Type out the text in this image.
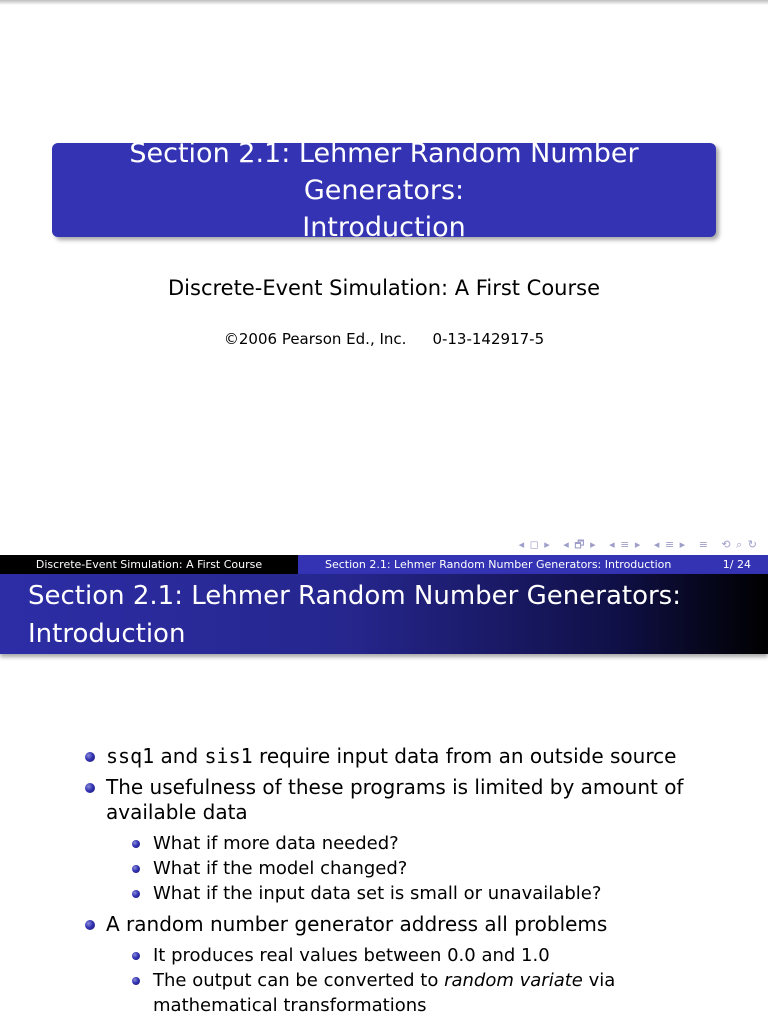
Section 2.1: Lehmer Random Number Generators:
Introduction
Discrete-Event Simulation: A First Course
©2006 Pearson Ed., Inc. 0-13-142917-5
◂ ◻ ▸ ◂ 🗗 ▸ ◂ ≡ ▸ ◂ ≡ ▸ ≡ ⟲ ⌕ ↻
Discrete-Event Simulation: A First Course	Section 2.1: Lehmer Random Number Generators: Introduction	1/ 24
Section 2.1: Lehmer Random Number Generators:
Introduction
ssq1 and sis1 require input data from an outside source
The usefulness of these programs is limited by amount of available data
What if more data needed?
What if the model changed?
What if the input data set is small or unavailable?
A random number generator address all problems
It produces real values between 0.0 and 1.0
The output can be converted to random variate via mathematical transformations
